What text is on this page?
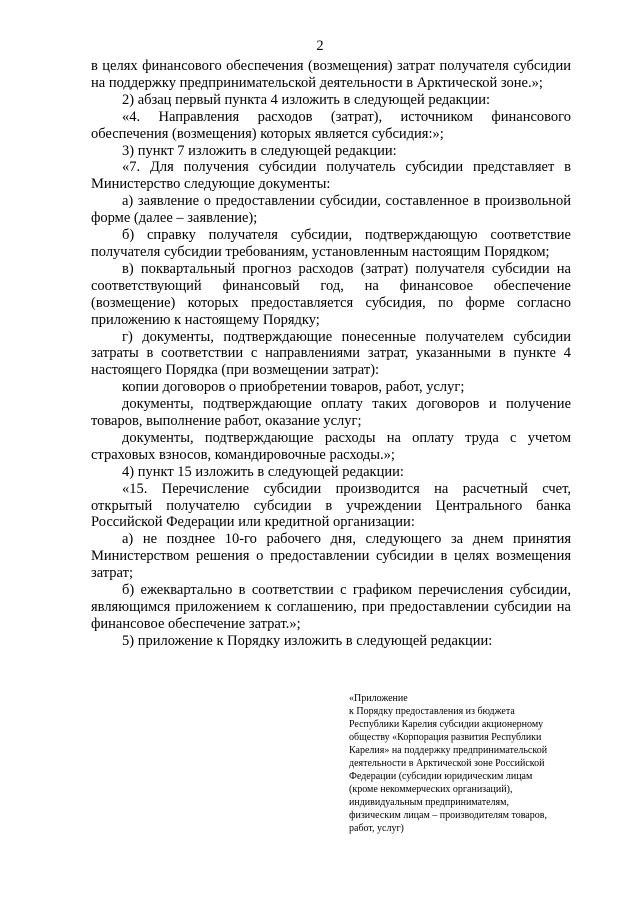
2

в целях финансового обеспечения (возмещения) затрат получателя субсидии на поддержку предпринимательской деятельности в Арктической зоне.»;

2) абзац первый пункта 4 изложить в следующей редакции:

«4. Направления расходов (затрат), источником финансового обеспечения (возмещения) которых является субсидия:»;

3) пункт 7 изложить в следующей редакции:

«7. Для получения субсидии получатель субсидии представляет в Министерство следующие документы:

а) заявление о предоставлении субсидии, составленное в произвольной форме (далее – заявление);

б) справку получателя субсидии, подтверждающую соответствие получателя субсидии требованиям, установленным настоящим Порядком;

в) поквартальный прогноз расходов (затрат) получателя субсидии на соответствующий финансовый год, на финансовое обеспечение (возмещение) которых предоставляется субсидия, по форме согласно приложению к настоящему Порядку;

г) документы, подтверждающие понесенные получателем субсидии затраты в соответствии с направлениями затрат, указанными в пункте 4 настоящего Порядка (при возмещении затрат):

копии договоров о приобретении товаров, работ, услуг;

документы, подтверждающие оплату таких договоров и получение товаров, выполнение работ, оказание услуг;

документы, подтверждающие расходы на оплату труда с учетом страховых взносов, командировочные расходы.»;

4) пункт 15 изложить в следующей редакции:

«15. Перечисление субсидии производится на расчетный счет, открытый получателю субсидии в учреждении Центрального банка Российской Федерации или кредитной организации:

а) не позднее 10-го рабочего дня, следующего за днем принятия Министерством решения о предоставлении субсидии в целях возмещения затрат;

б) ежеквартально в соответствии с графиком перечисления субсидии, являющимся приложением к соглашению, при предоставлении субсидии на финансовое обеспечение затрат.»;

5) приложение к Порядку изложить в следующей редакции:

«Приложение
к Порядку предоставления из бюджета
Республики Карелия субсидии акционерному
обществу «Корпорация развития Республики
Карелия» на поддержку предпринимательской
деятельности в Арктической зоне Российской
Федерации (субсидии юридическим лицам
(кроме некоммерческих организаций),
индивидуальным предпринимателям,
физическим лицам – производителям товаров,
работ, услуг)
